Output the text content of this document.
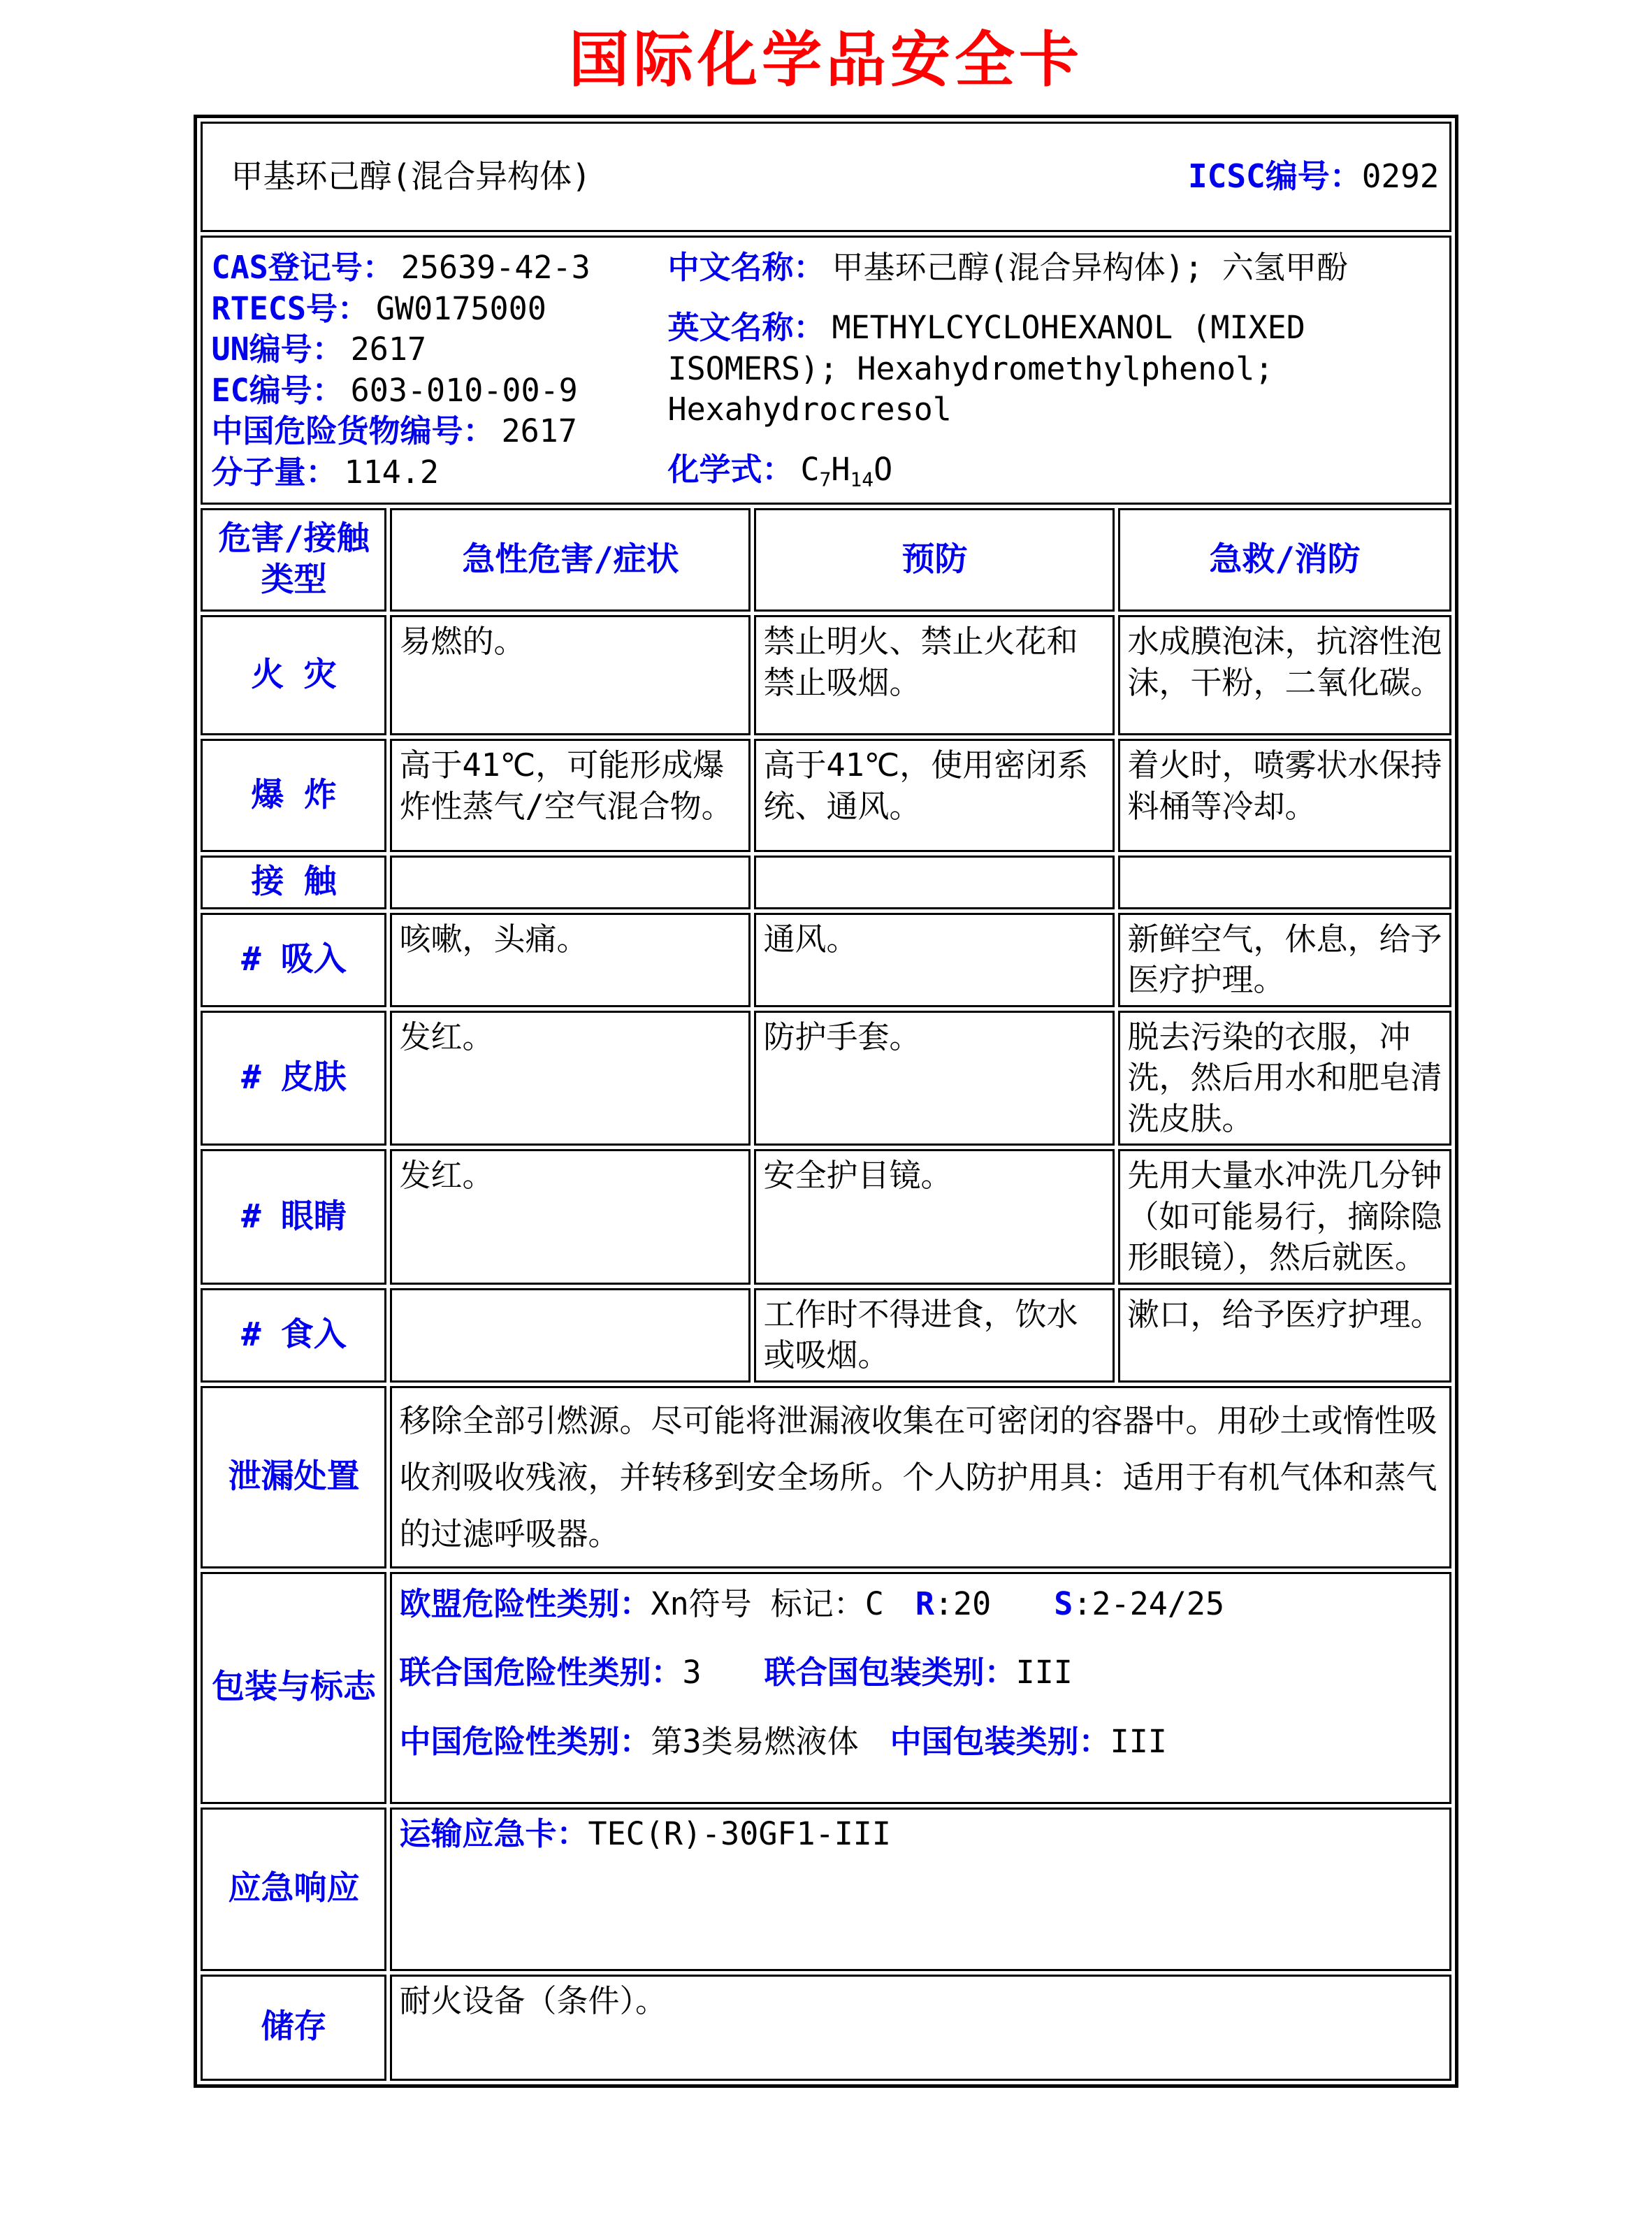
国际化学品安全卡
甲基环己醇(混合异构体) ICSC编号：0292			

CAS登记号： 25639-42-3
RTECS号： GW0175000
UN编号： 2617
EC编号： 603-010-00-9
中国危险货物编号： 2617
分子量： 114.2
中文名称： 甲基环己醇(混合异构体); 六氢甲酚
英文名称： METHYLCYCLOHEXANOL (MIXED ISOMERS); Hexahydromethylphenol; Hexahydrocresol
化学式： $C_7H_{14}O$

危害/接触类型	急性危害/症状	预防	急救/消防
火 灾	易燃的。	禁止明火、禁止火花和禁止吸烟。	水成膜泡沫，抗溶性泡沫，干粉，二氧化碳。
爆 炸	高于41℃，可能形成爆炸性蒸气/空气混合物。	高于41℃，使用密闭系统、通风。	着火时，喷雾状水保持料桶等冷却。
接 触			
# 吸入	咳嗽，头痛。	通风。	新鲜空气，休息，给予医疗护理。
# 皮肤	发红。	防护手套。	脱去污染的衣服，冲洗，然后用水和肥皂清洗皮肤。
# 眼睛	发红。	安全护目镜。	先用大量水冲洗几分钟（如可能易行，摘除隐形眼镜），然后就医。
# 食入		工作时不得进食，饮水或吸烟。	漱口，给予医疗护理。
泄漏处置	移除全部引燃源。尽可能将泄漏液收集在可密闭的容器中。用砂土或惰性吸收剂吸收残液，并转移到安全场所。个人防护用具：适用于有机气体和蒸气的过滤呼吸器。		
包装与标志	欧盟危险性类别：Xn符号 标记：C　R:20　　S:2-24/25
联合国危险性类别：3　　联合国包装类别：III
中国危险性类别：第3类易燃液体　中国包装类别：III		

应急响应	运输应急卡：TEC(R)-30GF1-III		

储存	耐火设备（条件）。		
